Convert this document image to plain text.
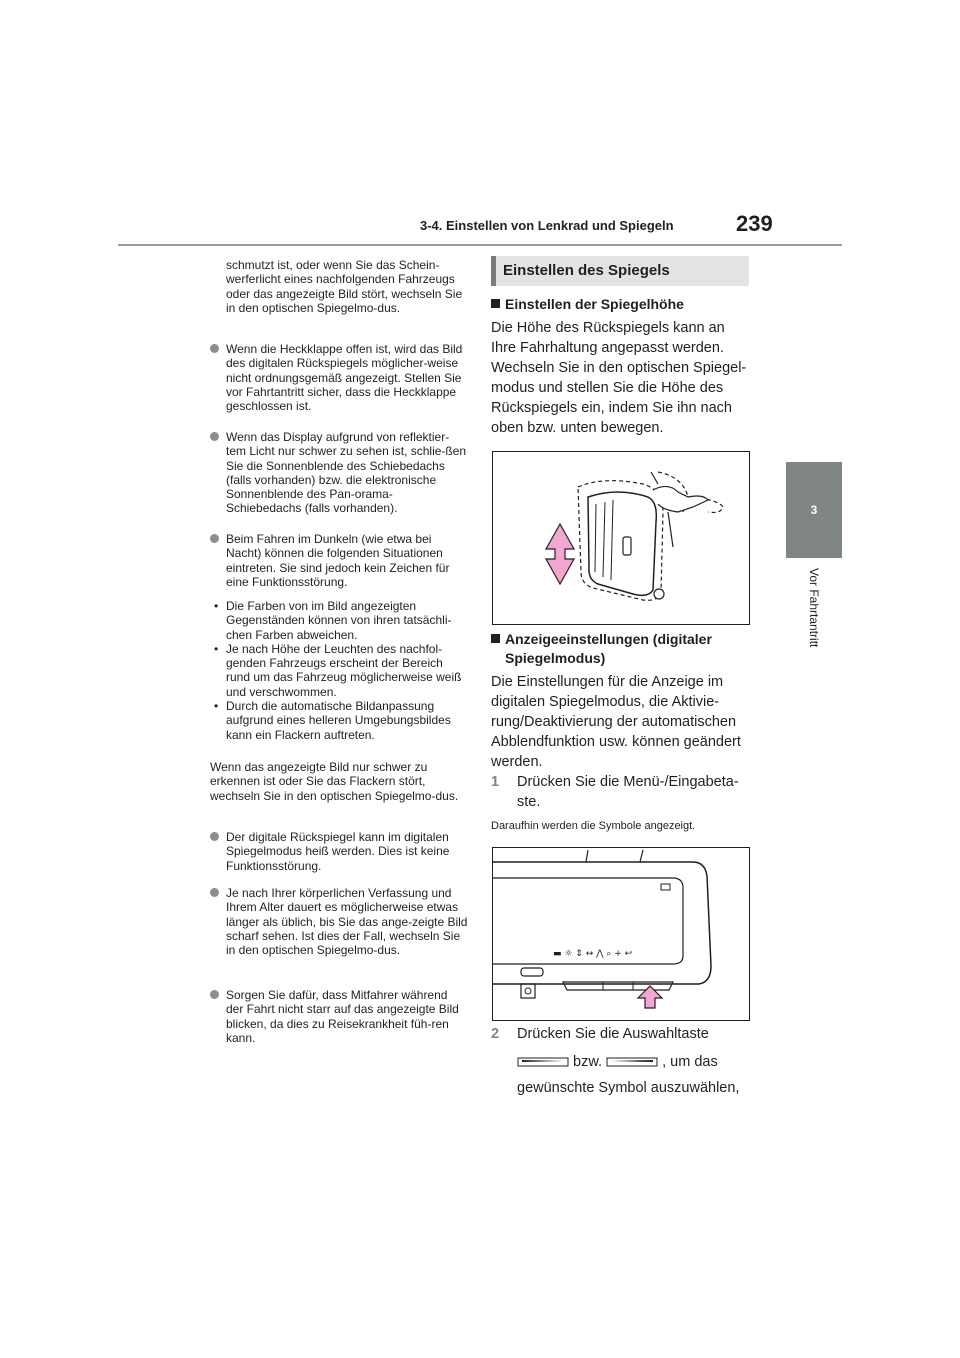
3-4. Einstellen von Lenkrad und Spiegeln	239
3
Vor Fahrtantritt
schmutzt ist, oder wenn Sie das Schein-werferlicht eines nachfolgenden Fahrzeugs oder das angezeigte Bild stört, wechseln Sie in den optischen Spiegelmo-dus.
Wenn die Heckklappe offen ist, wird das Bild des digitalen Rückspiegels möglicher-weise nicht ordnungsgemäß angezeigt. Stellen Sie vor Fahrtantritt sicher, dass die Heckklappe geschlossen ist.
Wenn das Display aufgrund von reflektier-tem Licht nur schwer zu sehen ist, schlie-ßen Sie die Sonnenblende des Schiebedachs (falls vorhanden) bzw. die elektronische Sonnenblende des Pan-orama-Schiebedachs (falls vorhanden).
Beim Fahren im Dunkeln (wie etwa bei Nacht) können die folgenden Situationen eintreten. Sie sind jedoch kein Zeichen für eine Funktionsstörung.
• Die Farben von im Bild angezeigten Gegenständen können von ihren tatsächli-chen Farben abweichen.
• Je nach Höhe der Leuchten des nachfol-genden Fahrzeugs erscheint der Bereich rund um das Fahrzeug möglicherweise weiß und verschwommen.
• Durch die automatische Bildanpassung aufgrund eines helleren Umgebungsbildes kann ein Flackern auftreten.
Wenn das angezeigte Bild nur schwer zu erkennen ist oder Sie das Flackern stört, wechseln Sie in den optischen Spiegelmo-dus.
Der digitale Rückspiegel kann im digitalen Spiegelmodus heiß werden. Dies ist keine Funktionsstörung.
Je nach Ihrer körperlichen Verfassung und Ihrem Alter dauert es möglicherweise etwas länger als üblich, bis Sie das ange-zeigte Bild scharf sehen. Ist dies der Fall, wechseln Sie in den optischen Spiegelmo-dus.
Sorgen Sie dafür, dass Mitfahrer während der Fahrt nicht starr auf das angezeigte Bild blicken, da dies zu Reisekrankheit füh-ren kann.
Einstellen des Spiegels
Einstellen der Spiegelhöhe
Die Höhe des Rückspiegels kann an Ihre Fahrhaltung angepasst werden.
Wechseln Sie in den optischen Spiegel-modus und stellen Sie die Höhe des Rückspiegels ein, indem Sie ihn nach oben bzw. unten bewegen.
Anzeigeeinstellungen (digitaler Spiegelmodus)
Die Einstellungen für die Anzeige im digitalen Spiegelmodus, die Aktivie-rung/Deaktivierung der automatischen Abblendfunktion usw. können geändert werden.
1 Drücken Sie die Menü-/Eingabeta-ste.
Daraufhin werden die Symbole angezeigt.
▬ ☼ ⇕ ↔ ⋀ ⌕ + ↩
2 Drücken Sie die Auswahltaste
bzw.	, um das
gewünschte Symbol auszuwählen,
